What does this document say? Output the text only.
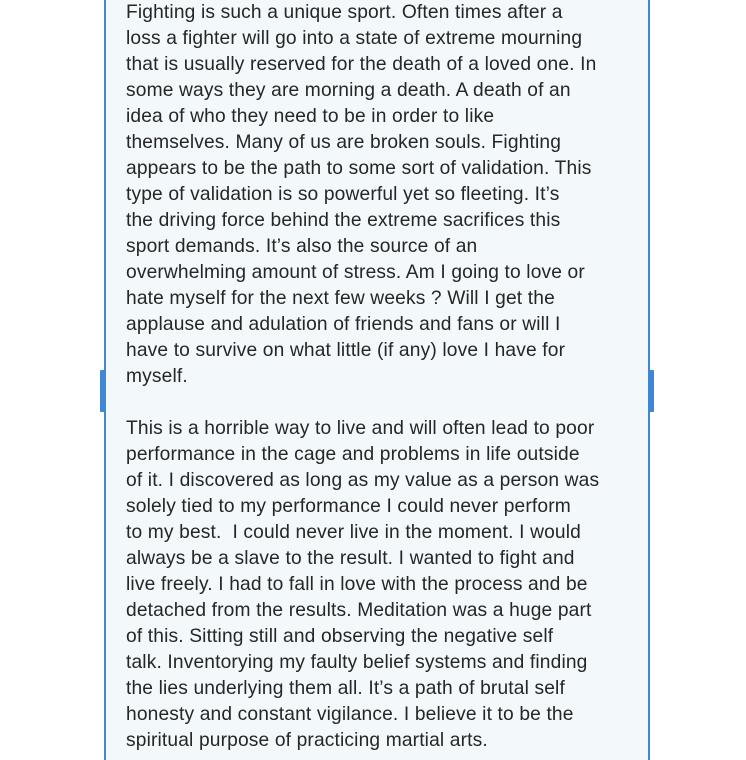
Fighting is such a unique sport. Often times after a
loss a fighter will go into a state of extreme mourning
that is usually reserved for the death of a loved one. In
some ways they are morning a death. A death of an
idea of who they need to be in order to like
themselves. Many of us are broken souls. Fighting
appears to be the path to some sort of validation. This
type of validation is so powerful yet so fleeting. It’s
the driving force behind the extreme sacrifices this
sport demands. It’s also the source of an
overwhelming amount of stress. Am I going to love or
hate myself for the next few weeks ? Will I get the
applause and adulation of friends and fans or will I
have to survive on what little (if any) love I have for
myself.
This is a horrible way to live and will often lead to poor
performance in the cage and problems in life outside
of it. I discovered as long as my value as a person was
solely tied to my performance I could never perform
to my best.  I could never live in the moment. I would
always be a slave to the result. I wanted to fight and
live freely. I had to fall in love with the process and be
detached from the results. Meditation was a huge part
of this. Sitting still and observing the negative self
talk. Inventorying my faulty belief systems and finding
the lies underlying them all. It’s a path of brutal self
honesty and constant vigilance. I believe it to be the
spiritual purpose of practicing martial arts.
